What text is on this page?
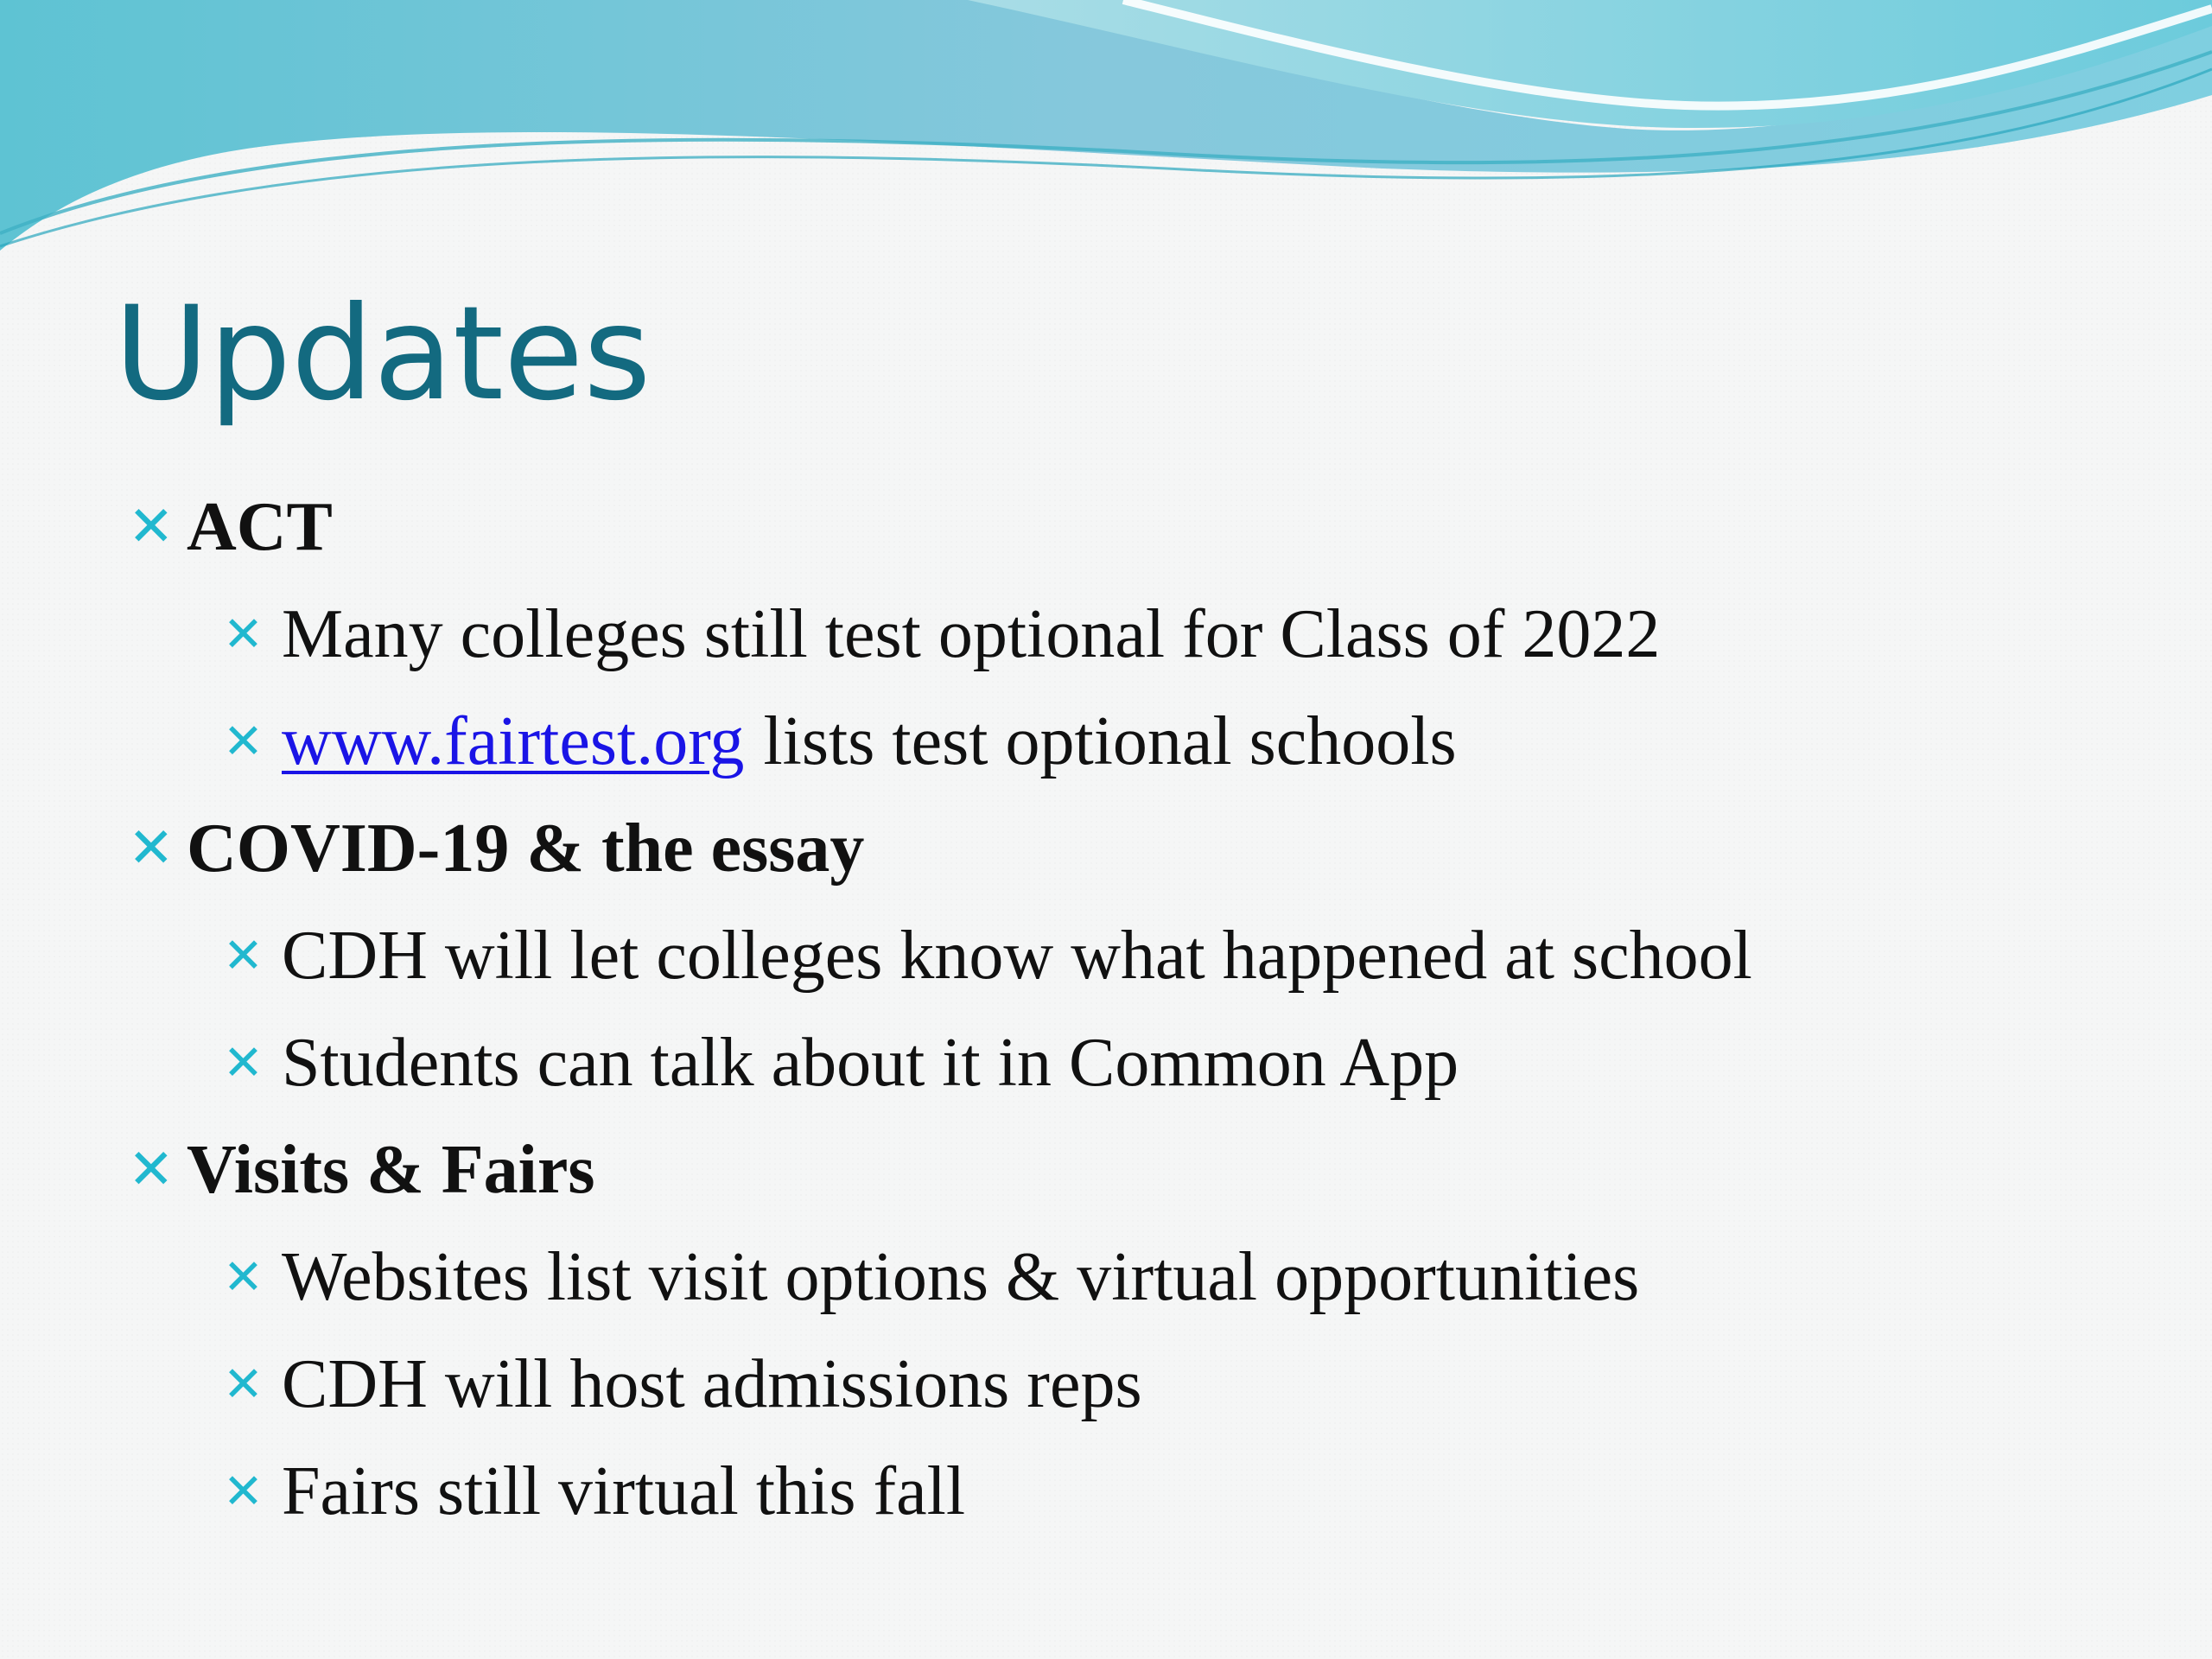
Updates
✕ ACT
✕ Many colleges still test optional for Class of 2022
✕ www.fairtest.org lists test optional schools
✕ COVID-19 & the essay
✕ CDH will let colleges know what happened at school
✕ Students can talk about it in Common App
✕ Visits & Fairs
✕ Websites list visit options & virtual opportunities
✕ CDH will host admissions reps
✕ Fairs still virtual this fall
